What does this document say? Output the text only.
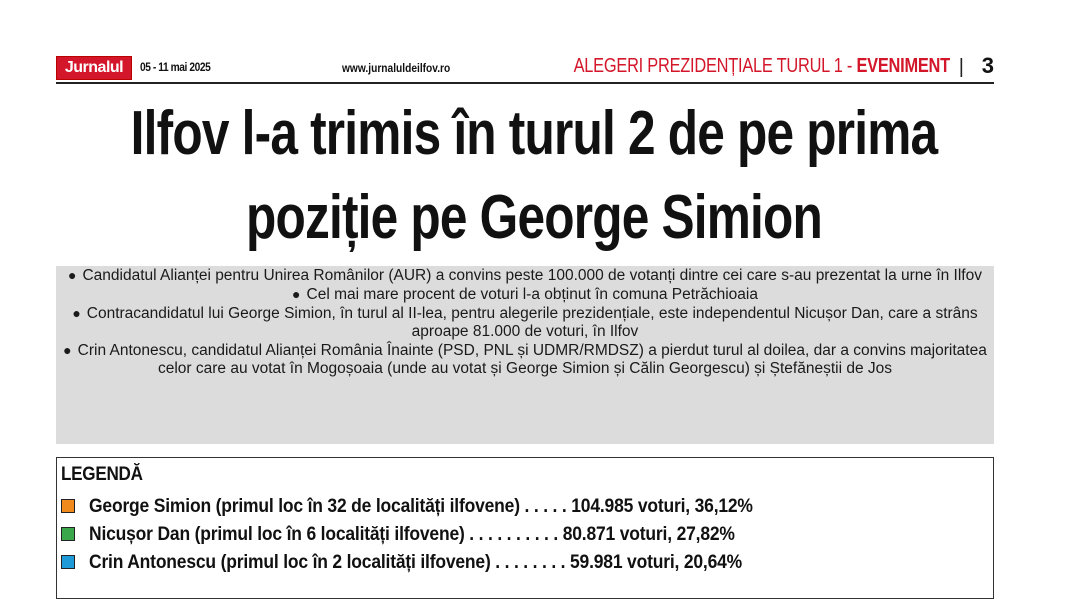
Jurnalul	05 - 11 mai 2025	www.jurnaluldeilfov.ro	ALEGERI PREZIDENȚIALE TURUL 1 - EVENIMENT | 3
Ilfov l-a trimis în turul 2 de pe prima
poziție pe George Simion

● Candidatul Alianței pentru Unirea Românilor (AUR) a convins peste 100.000 de votanți dintre cei care s-au prezentat la urne în Ilfov

● Cel mai mare procent de voturi l-a obținut în comuna Petrăchioaia

● Contracandidatul lui George Simion, în turul al II-lea, pentru alegerile prezidențiale, este independentul Nicușor Dan, care a strâns aproape 81.000 de voturi, în Ilfov

● Crin Antonescu, candidatul Alianței România Înainte (PSD, PNL și UDMR/RMDSZ) a pierdut turul al doilea, dar a convins majoritatea celor care au votat în Mogoșoaia (unde au votat și George Simion și Călin Georgescu) și Ștefăneștii de Jos

LEGENDĂ
George Simion (primul loc în 32 de localități ilfovene) . . . . . 104.985 voturi, 36,12%
Nicușor Dan (primul loc în 6 localități ilfovene) . . . . . . . . . . 80.871 voturi, 27,82%
Crin Antonescu (primul loc în 2 localități ilfovene) . . . . . . . . 59.981 voturi, 20,64%
